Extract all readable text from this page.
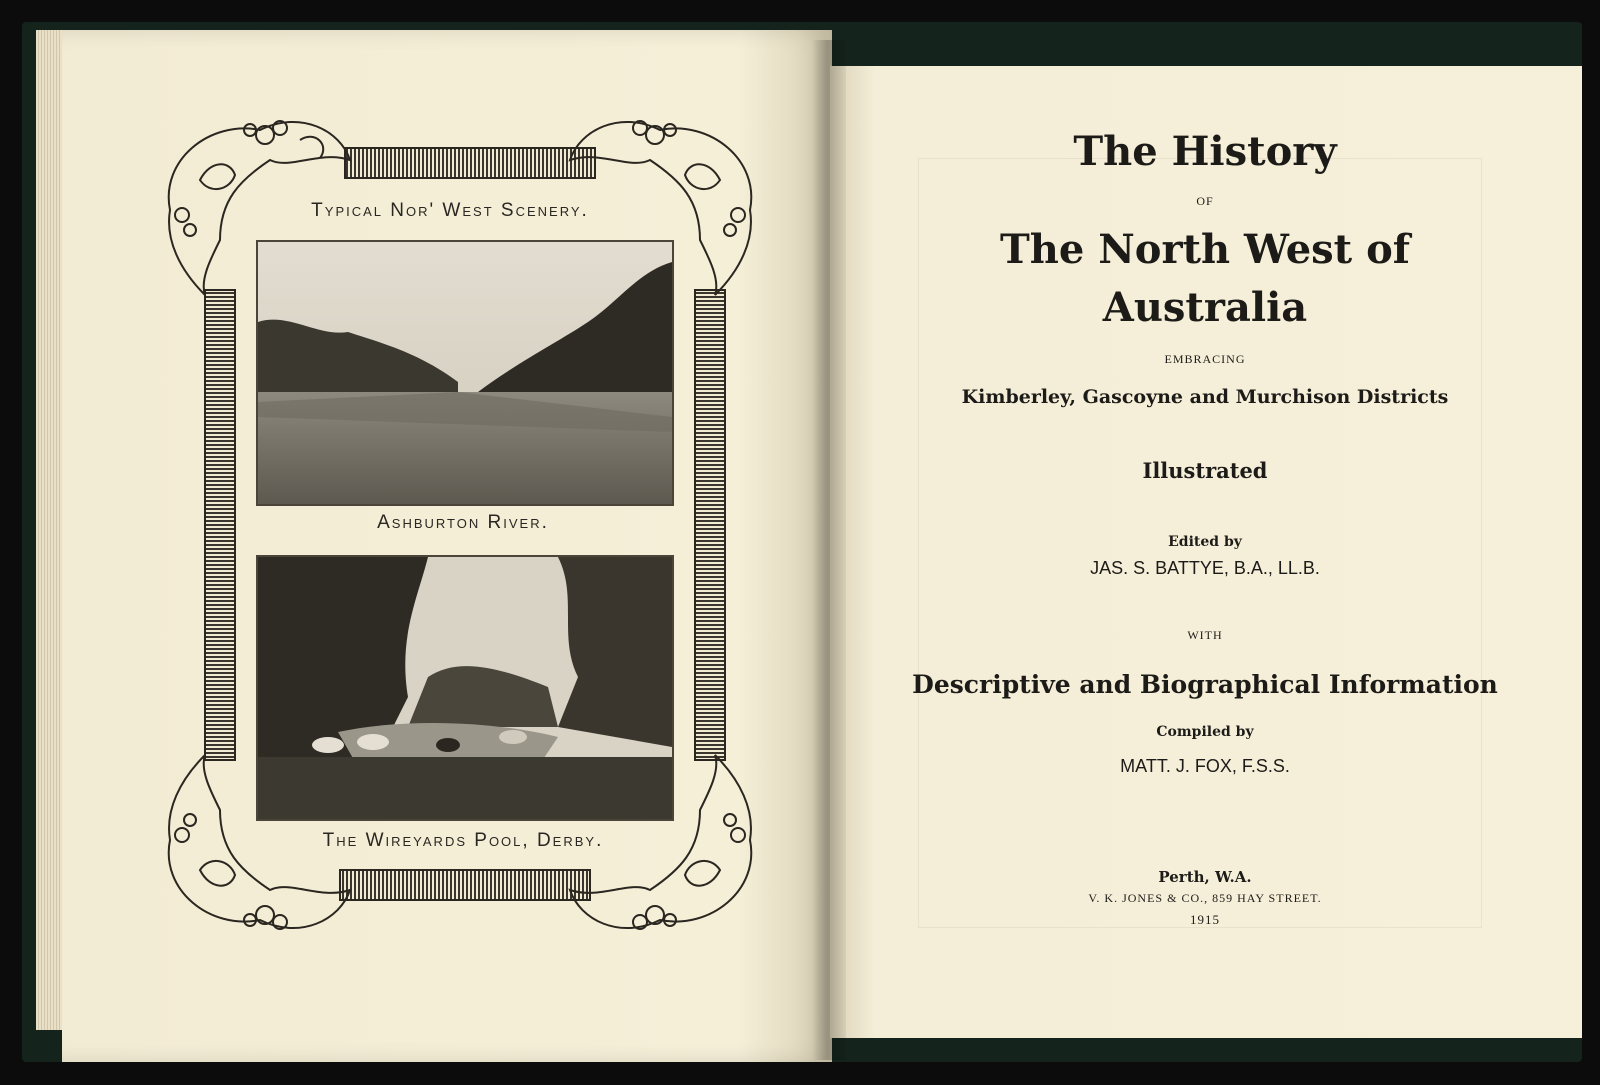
Typical Nor' West Scenery.
Ashburton River.
The Wireyards Pool, Derby.
The History
OF
The North West of
Australia
EMBRACING
Kimberley, Gascoyne and Murchison Districts
Illustrated
Edited by
JAS. S. BATTYE, B.A., LL.B.
WITH
Descriptive and Biographical Information
Compiled by
MATT. J. FOX, F.S.S.
Perth, W.A.
V. K. JONES & CO., 859 HAY STREET.
1915
